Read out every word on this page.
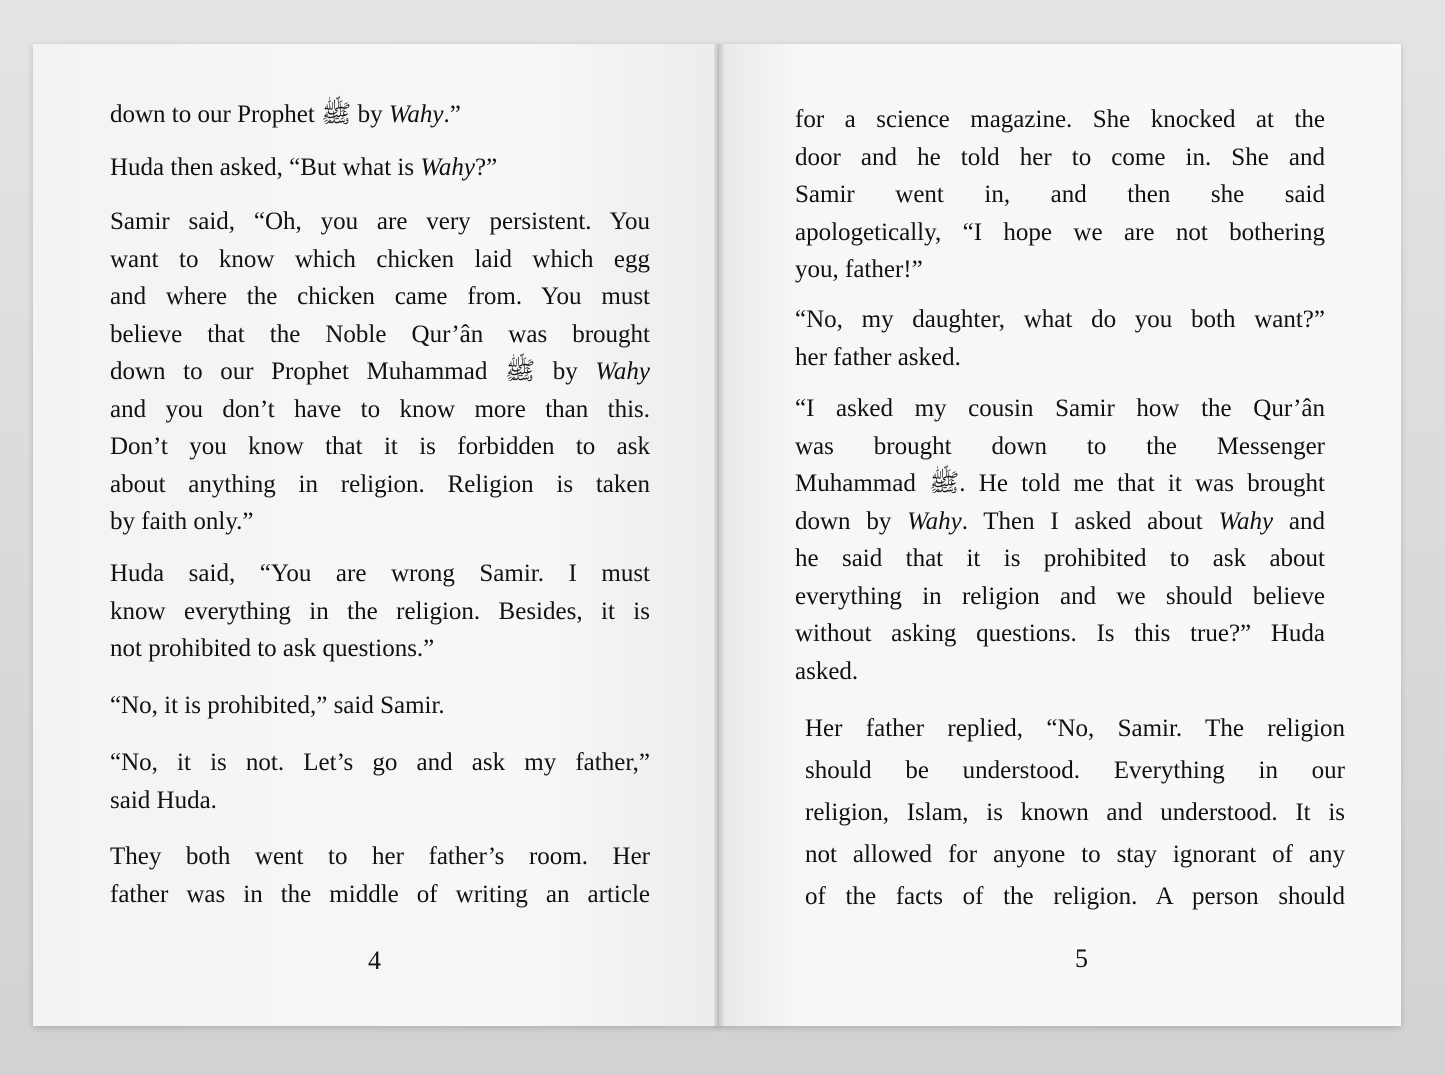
down to our Prophet ﷺ by Wahy.”

Huda then asked, “But what is Wahy?”

Samir said, “Oh, you are very persistent. You
want to know which chicken laid which egg
and where the chicken came from. You must
believe that the Noble Qur’ân was brought
down to our Prophet Muhammad ﷺ by Wahy
and you don’t have to know more than this.
Don’t you know that it is forbidden to ask
about anything in religion. Religion is taken
by faith only.”

Huda said, “You are wrong Samir. I must
know everything in the religion. Besides, it is
not prohibited to ask questions.”

“No, it is prohibited,” said Samir.

“No, it is not. Let’s go and ask my father,”
said Huda.

They both went to her father’s room. Her
father was in the middle of writing an article

4

for a science magazine. She knocked at the
door and he told her to come in. She and
Samir went in, and then she said
apologetically, “I hope we are not bothering
you, father!”

“No, my daughter, what do you both want?”
her father asked.

“I asked my cousin Samir how the Qur’ân
was brought down to the Messenger
Muhammad ﷺ. He told me that it was brought
down by Wahy. Then I asked about Wahy and
he said that it is prohibited to ask about
everything in religion and we should believe
without asking questions. Is this true?” Huda
asked.

Her father replied, “No, Samir. The religion
should be understood. Everything in our
religion, Islam, is known and understood. It is
not allowed for anyone to stay ignorant of any
of the facts of the religion. A person should

5
